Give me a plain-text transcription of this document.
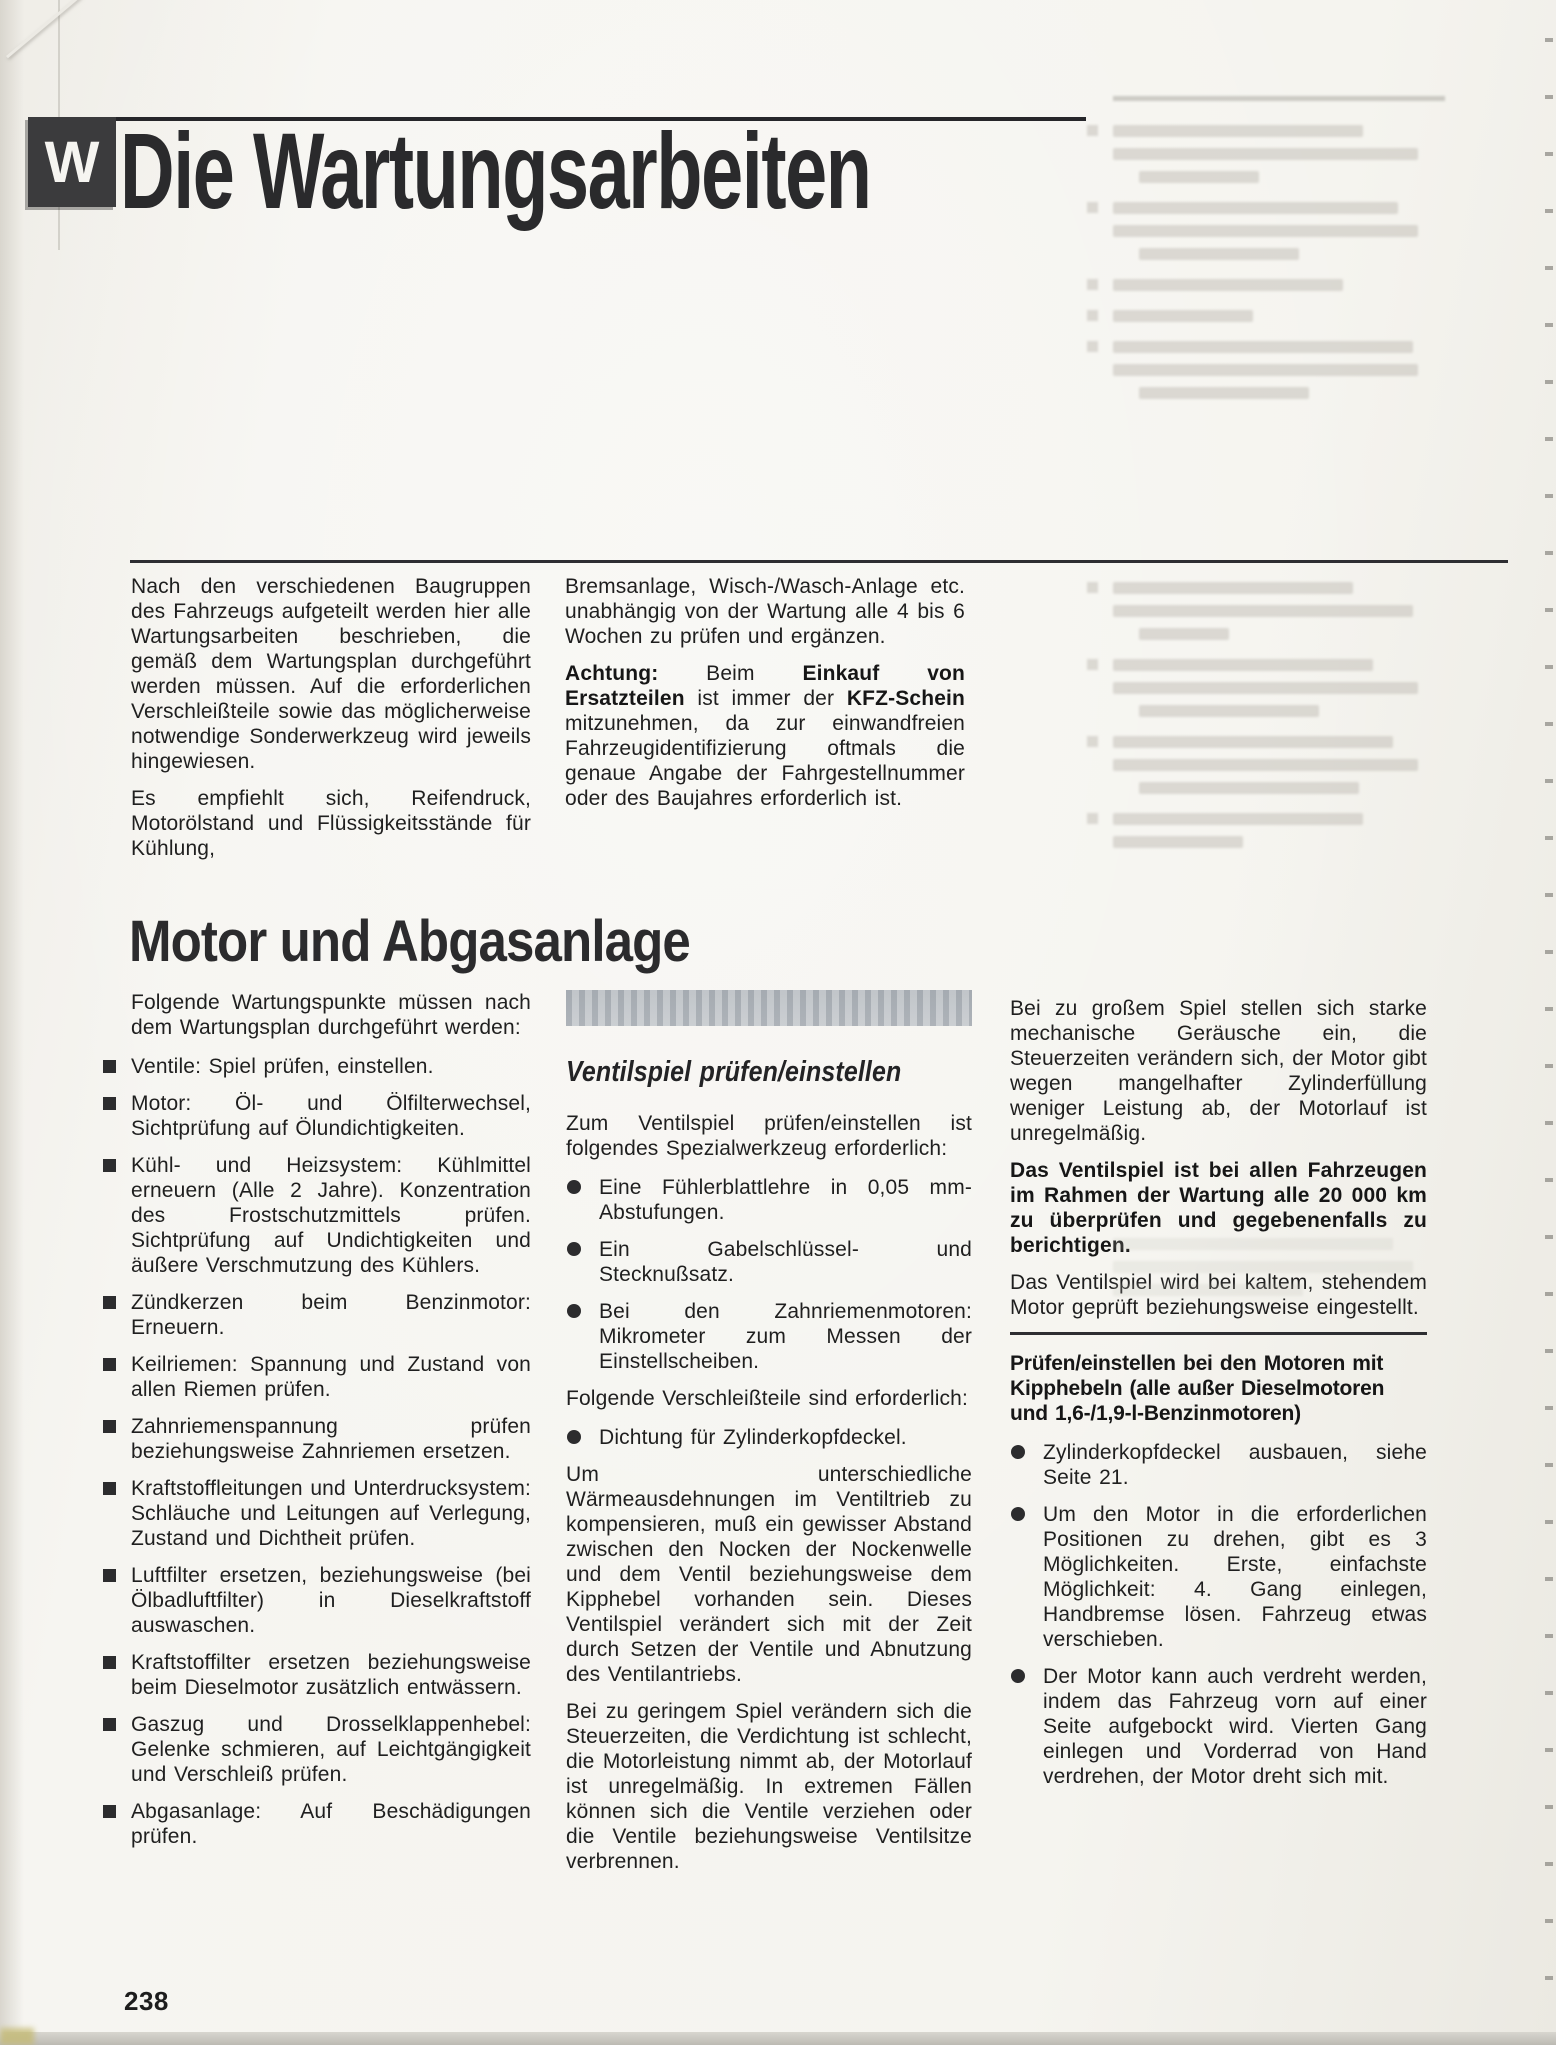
W Die Wartungsarbeiten

Nach den verschiedenen Baugruppen des Fahrzeugs aufgeteilt werden hier alle Wartungsarbeiten beschrieben, die gemäß dem Wartungsplan durchgeführt werden müssen. Auf die erforderlichen Verschleißteile sowie das möglicherweise notwendige Sonderwerkzeug wird jeweils hingewiesen.

Es empfiehlt sich, Reifendruck, Motorölstand und Flüssigkeitsstände für Kühlung,

Bremsanlage, Wisch-/Wasch-Anlage etc. unabhängig von der Wartung alle 4 bis 6 Wochen zu prüfen und ergänzen.

Achtung: Beim Einkauf von Ersatzteilen ist immer der KFZ-Schein mitzunehmen, da zur einwandfreien Fahrzeugidentifizierung oftmals die genaue Angabe der Fahrgestellnummer oder des Baujahres erforderlich ist.

Motor und Abgasanlage

Folgende Wartungspunkte müssen nach dem Wartungsplan durchgeführt werden:

Ventile: Spiel prüfen, einstellen.
Motor: Öl- und Ölfilterwechsel, Sichtprüfung auf Ölundichtigkeiten.
Kühl- und Heizsystem: Kühlmittel erneuern (Alle 2 Jahre). Konzentration des Frostschutzmittels prüfen. Sichtprüfung auf Undichtigkeiten und äußere Verschmutzung des Kühlers.
Zündkerzen beim Benzinmotor: Erneuern.
Keilriemen: Spannung und Zustand von allen Riemen prüfen.
Zahnriemenspannung prüfen beziehungsweise Zahnriemen ersetzen.
Kraftstoffleitungen und Unterdrucksystem: Schläuche und Leitungen auf Verlegung, Zustand und Dichtheit prüfen.
Luftfilter ersetzen, beziehungsweise (bei Ölbadluftfilter) in Dieselkraftstoff auswaschen.
Kraftstoffilter ersetzen beziehungsweise beim Dieselmotor zusätzlich entwässern.
Gaszug und Drosselklappenhebel: Gelenke schmieren, auf Leichtgängigkeit und Verschleiß prüfen.
Abgasanlage: Auf Beschädigungen prüfen.
Ventilspiel prüfen/einstellen

Zum Ventilspiel prüfen/einstellen ist folgendes Spezialwerkzeug erforderlich:

Eine Fühlerblattlehre in 0,05 mm-Abstufungen.
Ein Gabelschlüssel- und Stecknußsatz.
Bei den Zahnriemenmotoren: Mikrometer zum Messen der Einstellscheiben.

Folgende Verschleißteile sind erforderlich:

Dichtung für Zylinderkopfdeckel.

Um unterschiedliche Wärmeausdehnungen im Ventiltrieb zu kompensieren, muß ein gewisser Abstand zwischen den Nocken der Nockenwelle und dem Ventil beziehungsweise dem Kipphebel vorhanden sein. Dieses Ventilspiel verändert sich mit der Zeit durch Setzen der Ventile und Abnutzung des Ventilantriebs.

Bei zu geringem Spiel verändern sich die Steuerzeiten, die Verdichtung ist schlecht, die Motorleistung nimmt ab, der Motorlauf ist unregelmäßig. In extremen Fällen können sich die Ventile verziehen oder die Ventile beziehungsweise Ventilsitze verbrennen.

Bei zu großem Spiel stellen sich starke mechanische Geräusche ein, die Steuerzeiten verändern sich, der Motor gibt wegen mangelhafter Zylinderfüllung weniger Leistung ab, der Motorlauf ist unregelmäßig.

Das Ventilspiel ist bei allen Fahrzeugen im Rahmen der Wartung alle 20 000 km zu überprüfen und gegebenenfalls zu berichtigen.

Das Ventilspiel wird bei kaltem, stehendem Motor geprüft beziehungsweise eingestellt.

Prüfen/einstellen bei den Motoren mit Kipphebeln (alle außer Dieselmotoren und 1,6-/1,9-l-Benzinmotoren)
Zylinderkopfdeckel ausbauen, siehe Seite 21.
Um den Motor in die erforderlichen Positionen zu drehen, gibt es 3 Möglichkeiten. Erste, einfachste Möglichkeit: 4. Gang einlegen, Handbremse lösen. Fahrzeug etwas verschieben.
Der Motor kann auch verdreht werden, indem das Fahrzeug vorn auf einer Seite aufgebockt wird. Vierten Gang einlegen und Vorderrad von Hand verdrehen, der Motor dreht sich mit.
238
